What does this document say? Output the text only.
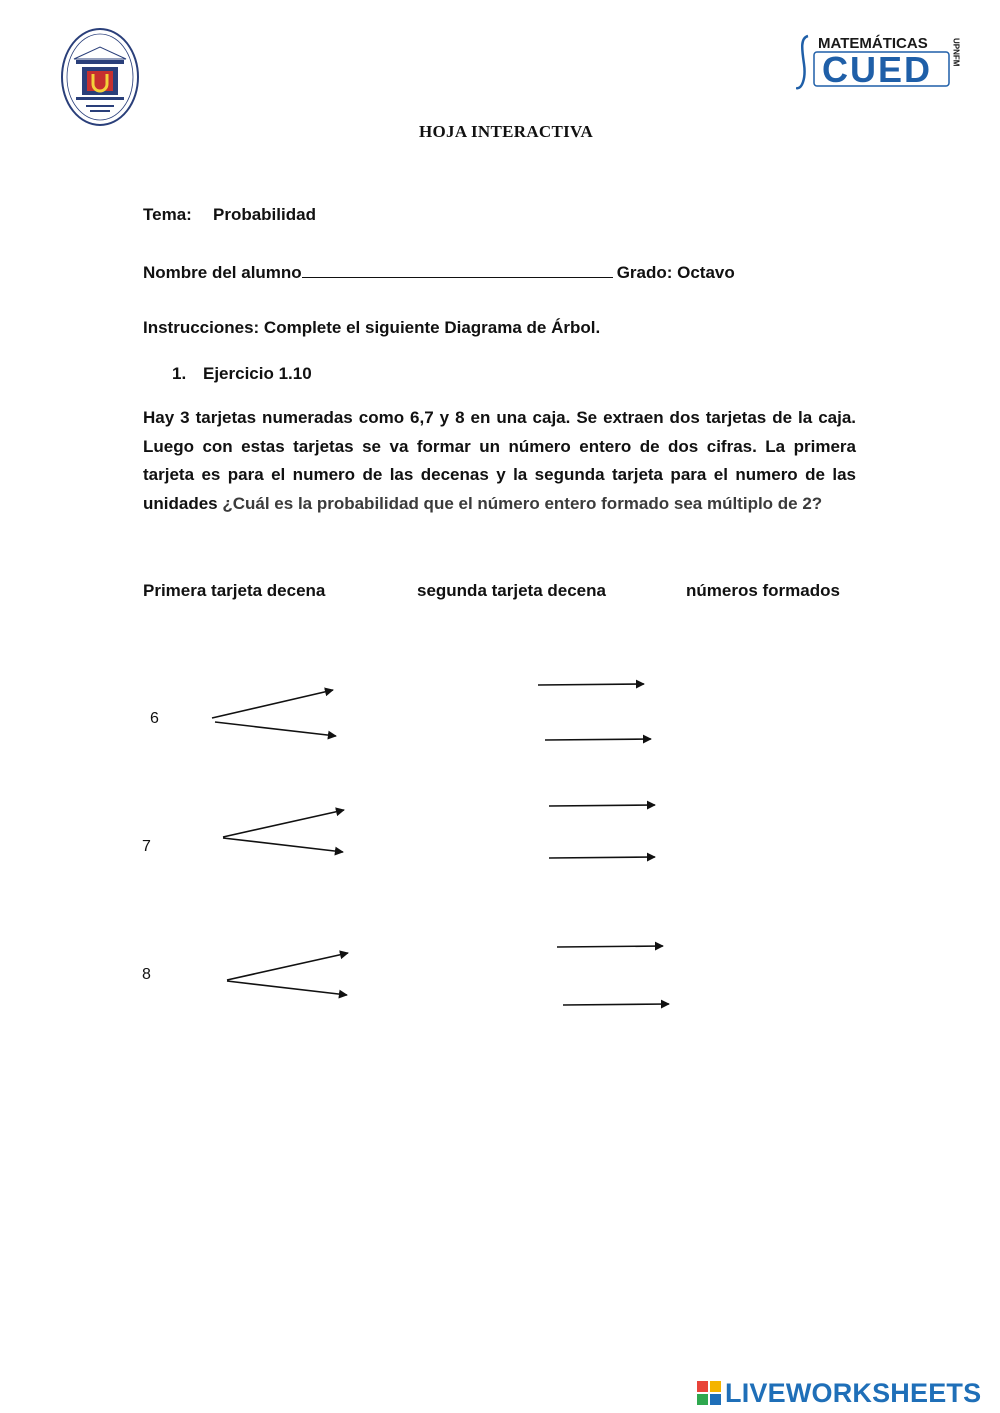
MATEMÁTICAS
CUED UPNFM
HOJA INTERACTIVA
Tema: Probabilidad
Nombre del alumno	Grado: Octavo
Instrucciones: Complete el siguiente Diagrama de Árbol.
1. Ejercicio 1.10
Hay 3 tarjetas numeradas como 6,7 y 8 en una caja. Se extraen dos tarjetas de la caja. Luego con estas tarjetas se va formar un número entero de dos cifras. La primera tarjeta es para el numero de las decenas y la segunda tarjeta para el numero de las unidades ¿Cuál es la probabilidad que el número entero formado sea múltiplo de 2?
Primera tarjeta decena	segunda tarjeta decena	números formados
6
7
8
LIVE WORKSHEETS
